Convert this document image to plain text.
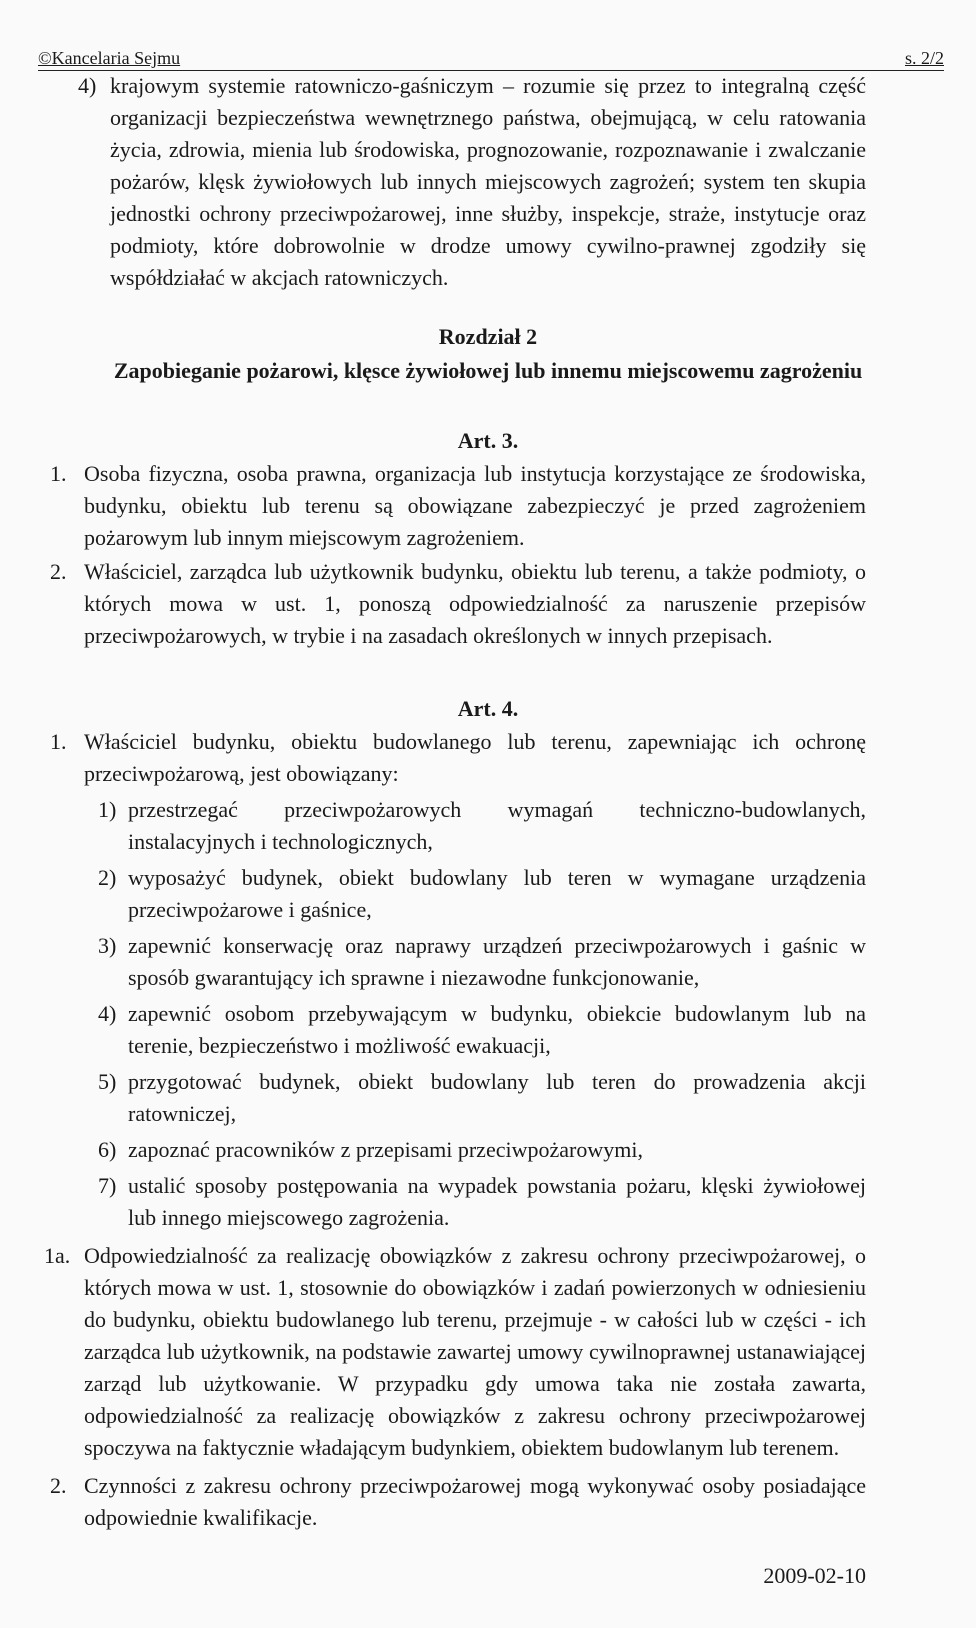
©Kancelaria Sejmu	s. 2/2
4) krajowym systemie ratowniczo-gaśniczym – rozumie się przez to integralną część organizacji bezpieczeństwa wewnętrznego państwa, obejmującą, w celu ratowania życia, zdrowia, mienia lub środowiska, prognozowanie, rozpoznawanie i zwalczanie pożarów, klęsk żywiołowych lub innych miejscowych zagrożeń; system ten skupia jednostki ochrony przeciwpożarowej, inne służby, inspekcje, straże, instytucje oraz podmioty, które dobrowolnie w drodze umowy cywilno-prawnej zgodziły się współdziałać w akcjach ratowniczych.
Rozdział 2
Zapobieganie pożarowi, klęsce żywiołowej lub innemu miejscowemu zagrożeniu
Art. 3.
1. Osoba fizyczna, osoba prawna, organizacja lub instytucja korzystające ze środowiska, budynku, obiektu lub terenu są obowiązane zabezpieczyć je przed zagrożeniem pożarowym lub innym miejscowym zagrożeniem.
2. Właściciel, zarządca lub użytkownik budynku, obiektu lub terenu, a także podmioty, o których mowa w ust. 1, ponoszą odpowiedzialność za naruszenie przepisów przeciwpożarowych, w trybie i na zasadach określonych w innych przepisach.
Art. 4.
1. Właściciel budynku, obiektu budowlanego lub terenu, zapewniając ich ochronę przeciwpożarową, jest obowiązany:
1) przestrzegać przeciwpożarowych wymagań techniczno-budowlanych, instalacyjnych i technologicznych,
2) wyposażyć budynek, obiekt budowlany lub teren w wymagane urządzenia przeciwpożarowe i gaśnice,
3) zapewnić konserwację oraz naprawy urządzeń przeciwpożarowych i gaśnic w sposób gwarantujący ich sprawne i niezawodne funkcjonowanie,
4) zapewnić osobom przebywającym w budynku, obiekcie budowlanym lub na terenie, bezpieczeństwo i możliwość ewakuacji,
5) przygotować budynek, obiekt budowlany lub teren do prowadzenia akcji ratowniczej,
6) zapoznać pracowników z przepisami przeciwpożarowymi,
7) ustalić sposoby postępowania na wypadek powstania pożaru, klęski żywiołowej lub innego miejscowego zagrożenia.
1a. Odpowiedzialność za realizację obowiązków z zakresu ochrony przeciwpożarowej, o których mowa w ust. 1, stosownie do obowiązków i zadań powierzonych w odniesieniu do budynku, obiektu budowlanego lub terenu, przejmuje - w całości lub w części - ich zarządca lub użytkownik, na podstawie zawartej umowy cywilnoprawnej ustanawiającej zarząd lub użytkowanie. W przypadku gdy umowa taka nie została zawarta, odpowiedzialność za realizację obowiązków z zakresu ochrony przeciwpożarowej spoczywa na faktycznie władającym budynkiem, obiektem budowlanym lub terenem.
2. Czynności z zakresu ochrony przeciwpożarowej mogą wykonywać osoby posiadające odpowiednie kwalifikacje.
2009-02-10
